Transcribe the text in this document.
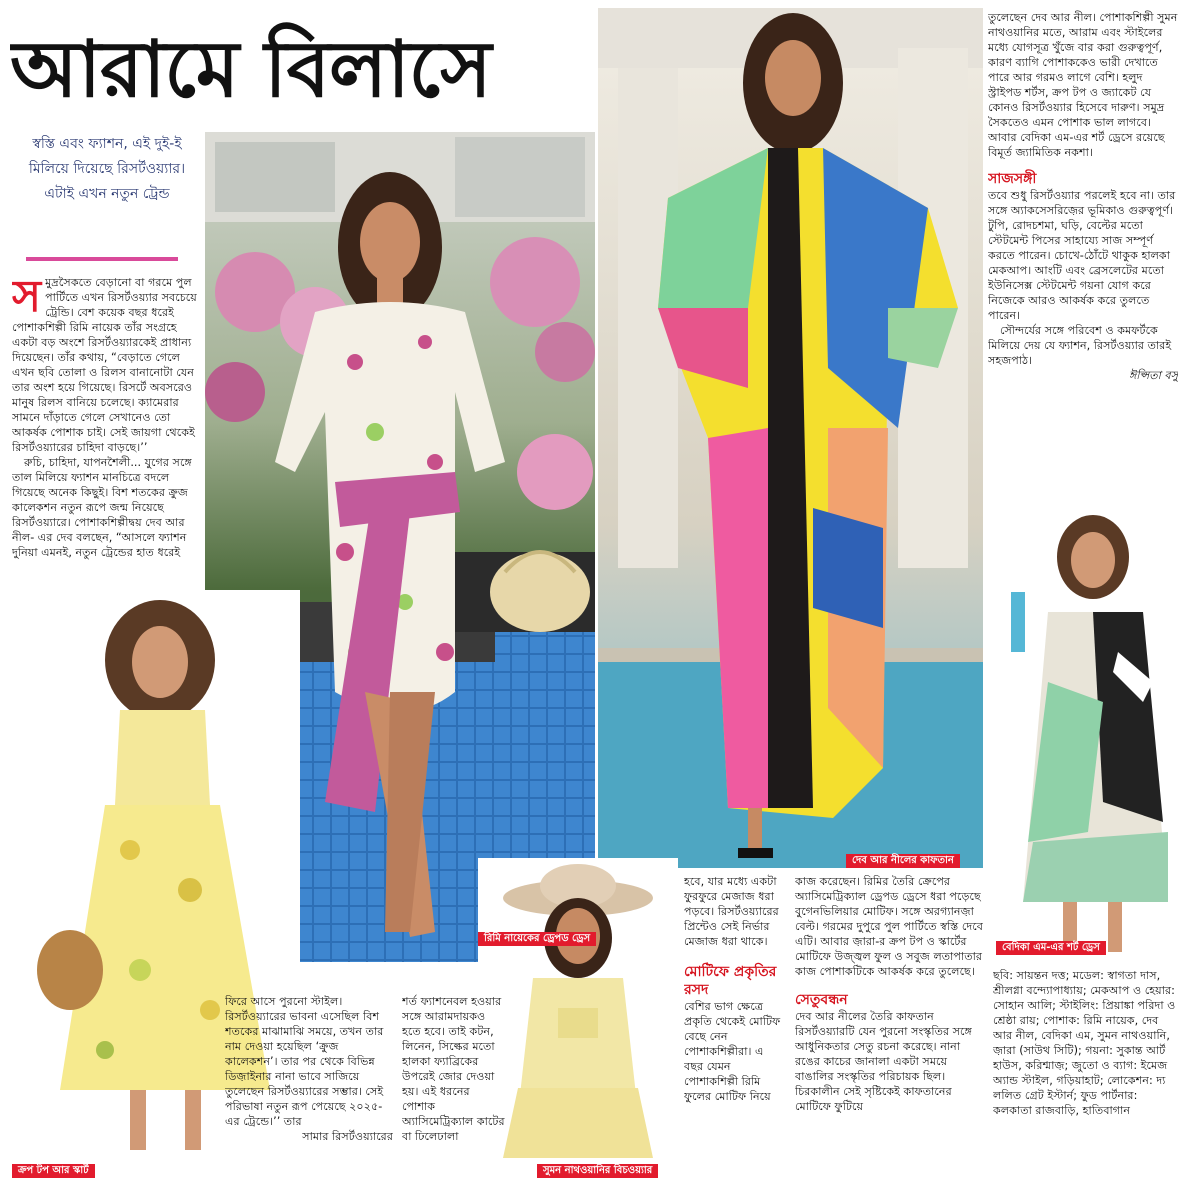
রিমি নায়েকের ড্রেপড ড্রেস
দেব আর নীলের কাফতান
বেদিকা এম-এর শর্ট ড্রেস
ক্রপ টপ আর স্কার্ট	সুমন নাথওয়ানির বিচওয়্যার
আরামে বিলাসে
স্বস্তি এবং ফ্যাশন, এই দুই-ই মিলিয়ে দিয়েছে রিসর্টওয়্যার। এটাই এখন নতুন ট্রেন্ড

সমুদ্রসৈকতে বেড়ানো বা গরমে পুল পার্টিতে এখন রিসর্টওয়্যার সবচেয়ে ট্রেন্ডি। বেশ কয়েক বছর ধরেই পোশাকশিল্পী রিমি নায়েক তাঁর সংগ্রহে একটা বড় অংশে রিসর্টওয়্যারকেই প্রাধান্য দিয়েছেন। তাঁর কথায়, “বেড়াতে গেলে এখন ছবি তোলা ও রিলস বানানোটা যেন তার অংশ হয়ে গিয়েছে। রিসর্টে অবসরেও মানুষ রিলস বানিয়ে চলেছে। ক্যামেরার সামনে দাঁড়াতে গেলে সেখানেও তো আকর্ষক পোশাক চাই। সেই জায়গা থেকেই রিসর্টওয়্যারের চাহিদা বাড়ছে।’’

রুচি, চাহিদা, যাপনশৈলী... যুগের সঙ্গে তাল মিলিয়ে ফ্যাশন মানচিত্রে বদলে গিয়েছে অনেক কিছুই। বিশ শতকের ক্রুজ কালেকশন নতুন রূপে জন্ম নিয়েছে রিসর্টওয়্যারে। পোশাকশিল্পীদ্বয় দেব আর নীল- এর দেব বলছেন, “আসলে ফ্যাশন দুনিয়া এমনই, নতুন ট্রেন্ডের হাত ধরেই

ফিরে আসে পুরনো স্টাইল। রিসর্টওয়্যারের ভাবনা এসেছিল বিশ শতকের মাঝামাঝি সময়ে, তখন তার নাম দেওয়া হয়েছিল ‘ক্রুজ কালেকশন’। তার পর থেকে বিভিন্ন ডিজ়াইনার নানা ভাবে সাজিয়ে তুলেছেন রিসর্টওয়্যারের সম্ভার। সেই পরিভাষা নতুন রূপ পেয়েছে ২০২৫-এর ট্রেন্ডে।’’ তার

সামার রিসর্টওয়্যারের

শর্ত ফ্যাশনেবল হওয়ার সঙ্গে আরামদায়কও হতে হবে। তাই কটন, লিনেন, সিল্কের মতো হালকা ফ্যাব্রিকের উপরেই জোর দেওয়া হয়। এই ধরনের পোশাক অ্যাসিমেট্রিক্যাল কাটের বা ঢিলেঢালা

হবে, যার মধ্যে একটা ফুরফুরে মেজাজ ধরা পড়বে। রিসর্টওয়্যারের প্রিন্টেও সেই নির্ভার মেজাজ ধরা থাকে।

মোটিফে প্রকৃতির রসদ

বেশির ভাগ ক্ষেত্রে প্রকৃতি থেকেই মোটিফ বেছে নেন পোশাকশিল্পীরা। এ বছর যেমন পোশাকশিল্পী রিমি ফুলের মোটিফ নিয়ে

কাজ করেছেন। রিমির তৈরি ক্রেপের অ্যাসিমেট্রিক্যাল ড্রেপড ড্রেসে ধরা পড়েছে বুগেনভিলিয়ার মোটিফ। সঙ্গে অরগ্যানজ়া বেল্ট। গরমের দুপুরে পুল পার্টিতে স্বস্তি দেবে এটি। আবার জ়ারা-র ক্রপ টপ ও স্কার্টের মোটিফে উজ্জ্বল ফুল ও সবুজ লতাপাতার কাজ পোশাকটিকে আকর্ষক করে তুলেছে।

সেতুবন্ধন

দেব আর নীলের তৈরি কাফতান রিসর্টওয়্যারটি যেন পুরনো সংস্কৃতির সঙ্গে আধুনিকতার সেতু রচনা করেছে। নানা রঙের কাচের জানালা একটা সময়ে বাঙালির সংস্কৃতির পরিচায়ক ছিল। চিরকালীন সেই সৃষ্টিকেই কাফতানের মোটিফে ফুটিয়ে

তুলেছেন দেব আর নীল। পোশাকশিল্পী সুমন নাথওয়ানির মতে, আরাম এবং স্টাইলের মধ্যে যোগসূত্র খুঁজে বার করা গুরুত্বপূর্ণ, কারণ ব্যাগি পোশাককেও ভারী দেখাতে পারে আর গরমও লাগে বেশি। হলুদ স্ট্রাইপড শর্টস, ক্রপ টপ ও জ্যাকেট যে কোনও রিসর্টওয়্যার হিসেবে দারুণ। সমুদ্র সৈকতেও এমন পোশাক ভাল লাগবে। আবার বেদিকা এম-এর শর্ট ড্রেসে রয়েছে বিমূর্ত জ্যামিতিক নকশা।

সাজসঙ্গী

তবে শুধু রিসর্টওয়্যার পরলেই হবে না। তার সঙ্গে অ্যাকসেসরিজ়ের ভূমিকাও গুরুত্বপূর্ণ। টুপি, রোদচশমা, ঘড়ি, বেল্টের মতো স্টেটমেন্ট পিসের সাহায্যে সাজ সম্পূর্ণ করতে পারেন। চোখে-ঠোঁটে থাকুক হালকা মেকআপ। আংটি এবং ব্রেসলেটের মতো ইউনিসেক্স স্টেটমেন্ট গয়না যোগ করে নিজেকে আরও আকর্ষক করে তুলতে পারেন।

সৌন্দর্যের সঙ্গে পরিবেশ ও কমফর্টকে মিলিয়ে দেয় যে ফ্যাশন, রিসর্টওয়্যার তারই সহজপাঠ।

ঈপ্সিতা বসু

ছবি: সায়ন্তন দত্ত; মডেল: স্বাগতা দাস, শ্রীলগ্না বন্দ্যোপাধ্যায়; মেকআপ ও হেয়ার: সোহান আলি; স্টাইলিং: প্রিয়াঙ্কা পরিদা ও শ্রেষ্ঠা রায়; পোশাক: রিমি নায়েক, দেব আর নীল, বেদিকা এম, সুমন নাথওয়ানি, জ়ারা (সাউথ সিটি); গয়না: সুকান্ত আর্ট হাউস, করিশ্মাজ়; জুতো ও ব্যাগ: ইমেজ অ্যান্ড স্টাইল, গড়িয়াহাট; লোকেশন: দ্য ললিত গ্রেট ইস্টার্ন; ফুড পার্টনার: কলকাতা রাজবাড়ি, হাতিবাগান
